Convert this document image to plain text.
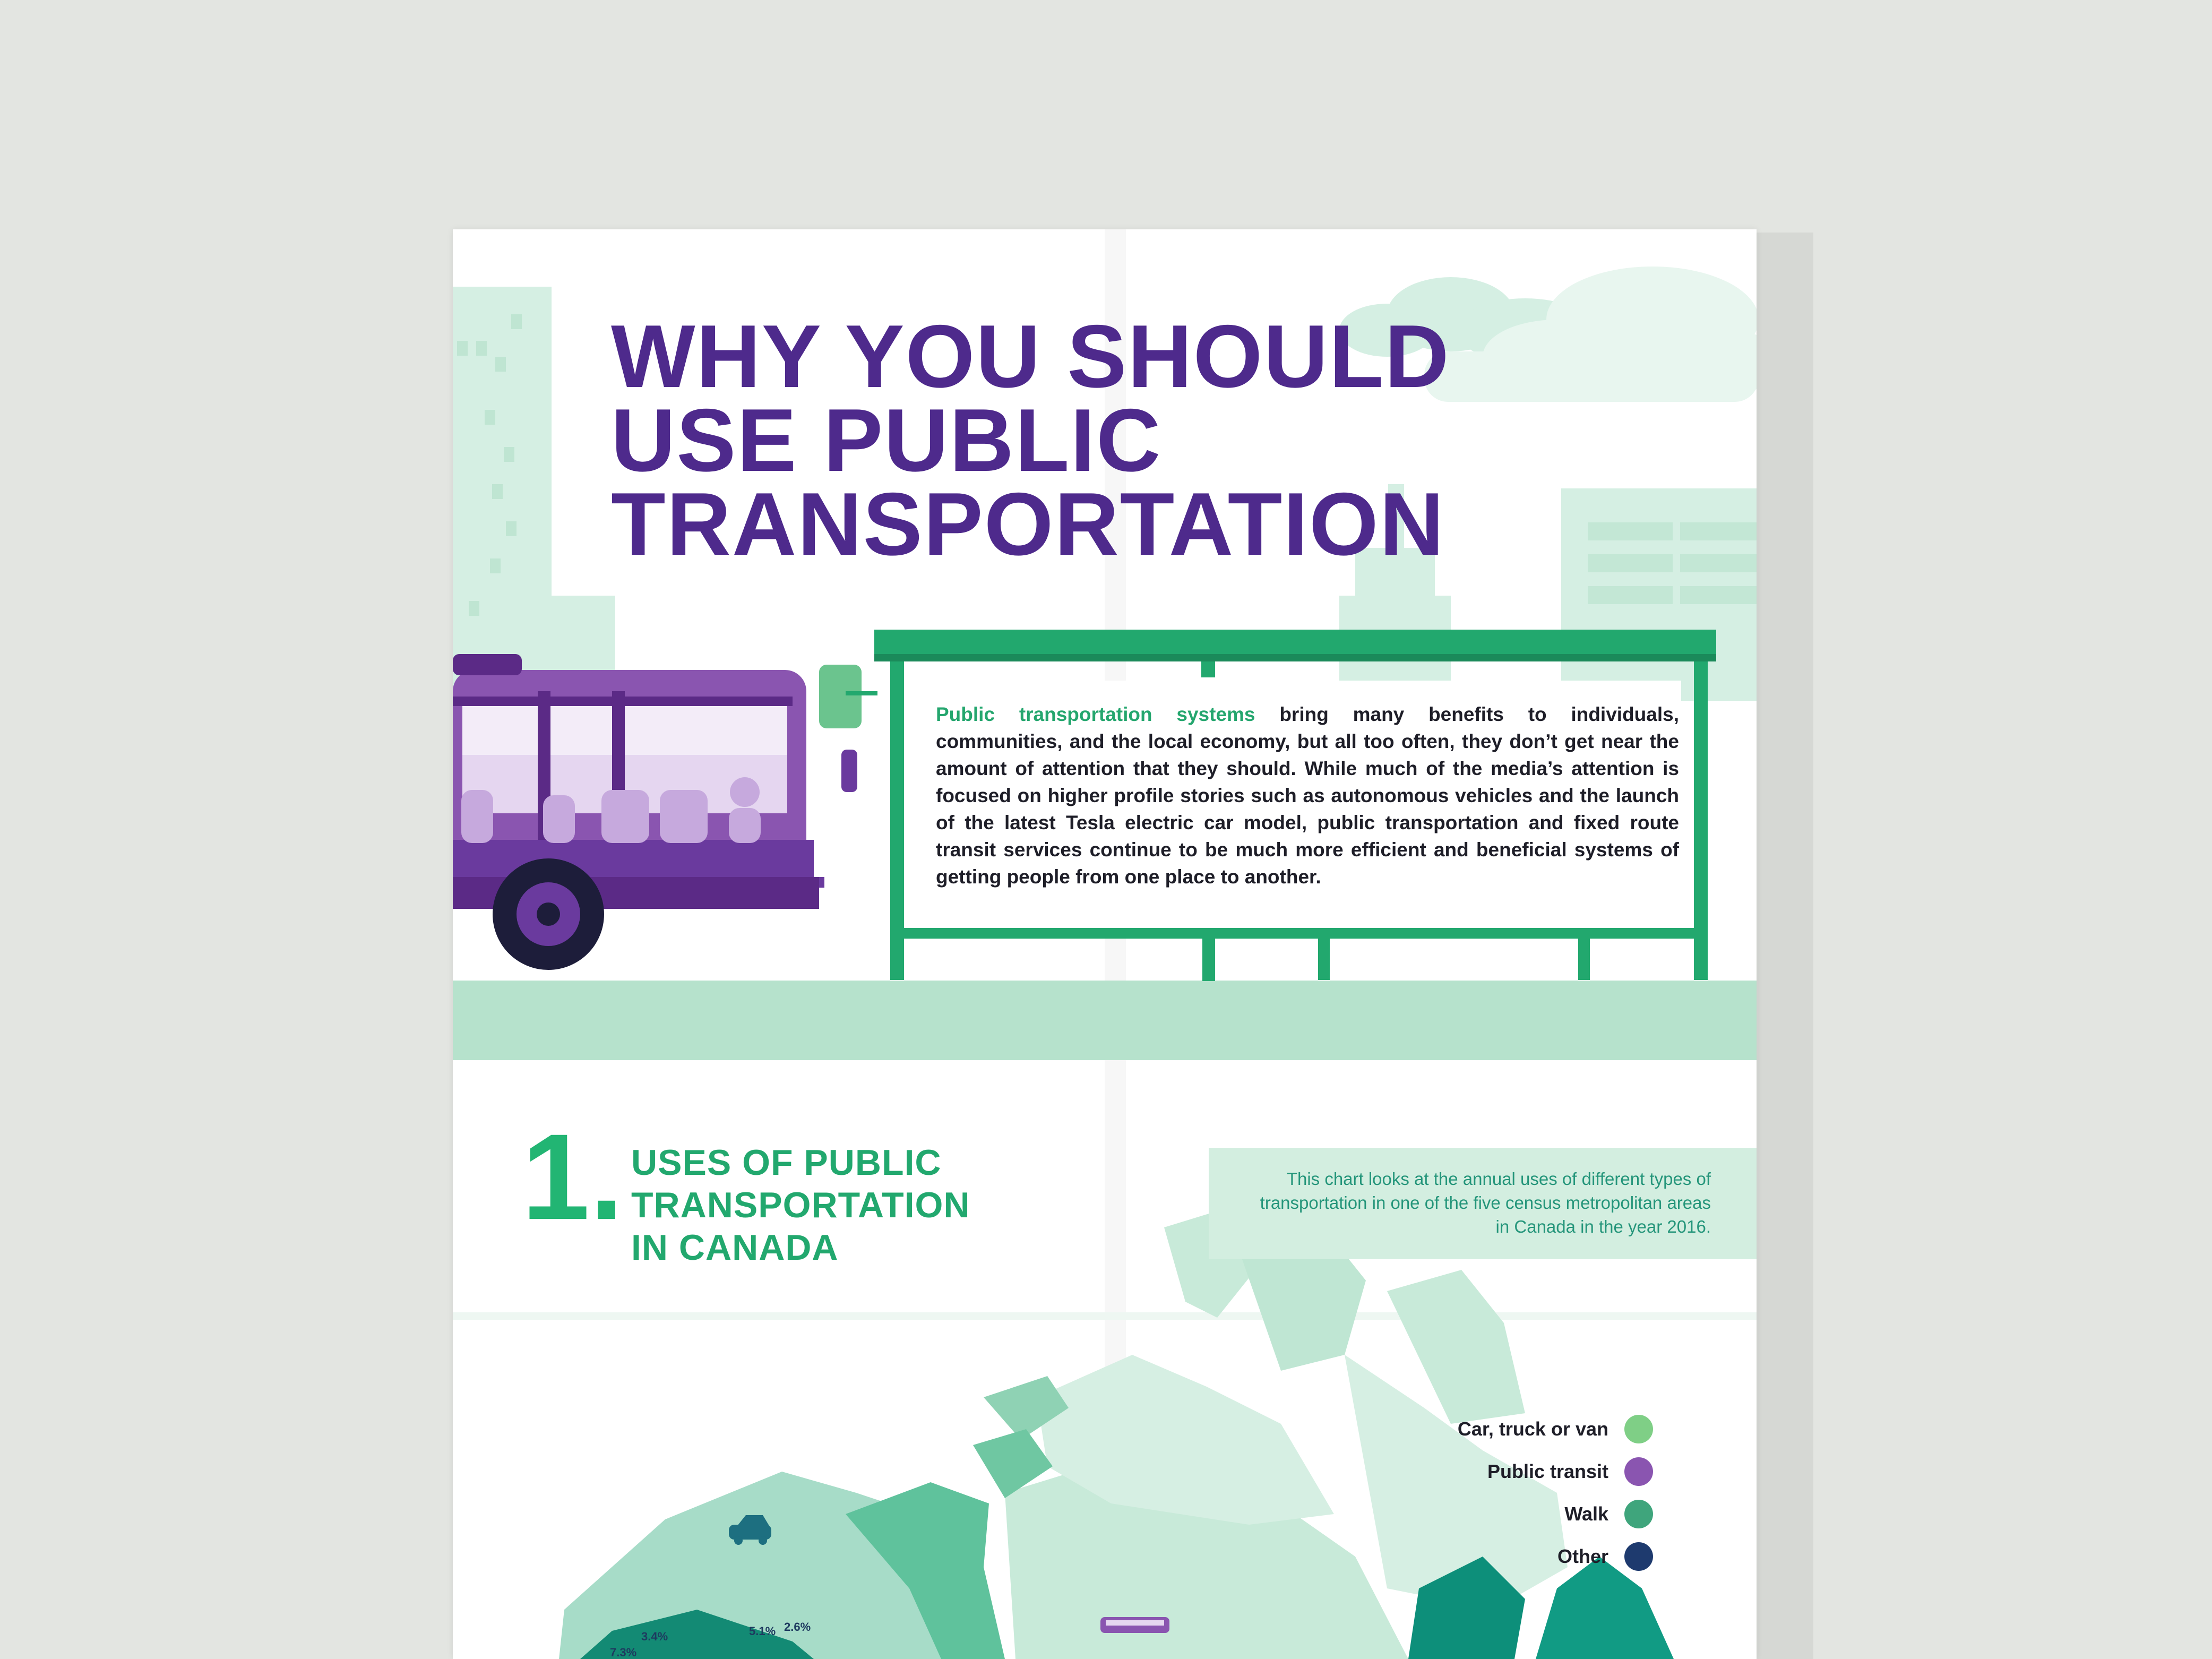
WHY YOU SHOULD
USE PUBLIC
TRANSPORTATION

Public transportation systems bring many benefits to individuals, communities, and the local economy, but all too often, they don’t get near the amount of attention that they should. While much of the media’s attention is focused on higher profile stories such as autonomous vehicles and the launch of the latest Tesla electric car model, public transportation and fixed route transit services continue to be much more efficient and beneficial systems of getting people from one place to another.

1. USES OF PUBLIC
TRANSPORTATION
IN CANADA

This chart looks at the annual uses of different types of transportation in one of the five census metropolitan areas in Canada in the year 2016.

Car, truck or van
Public transit
Walk
Other
3.4%
7.3%
5.1% 2.6%
